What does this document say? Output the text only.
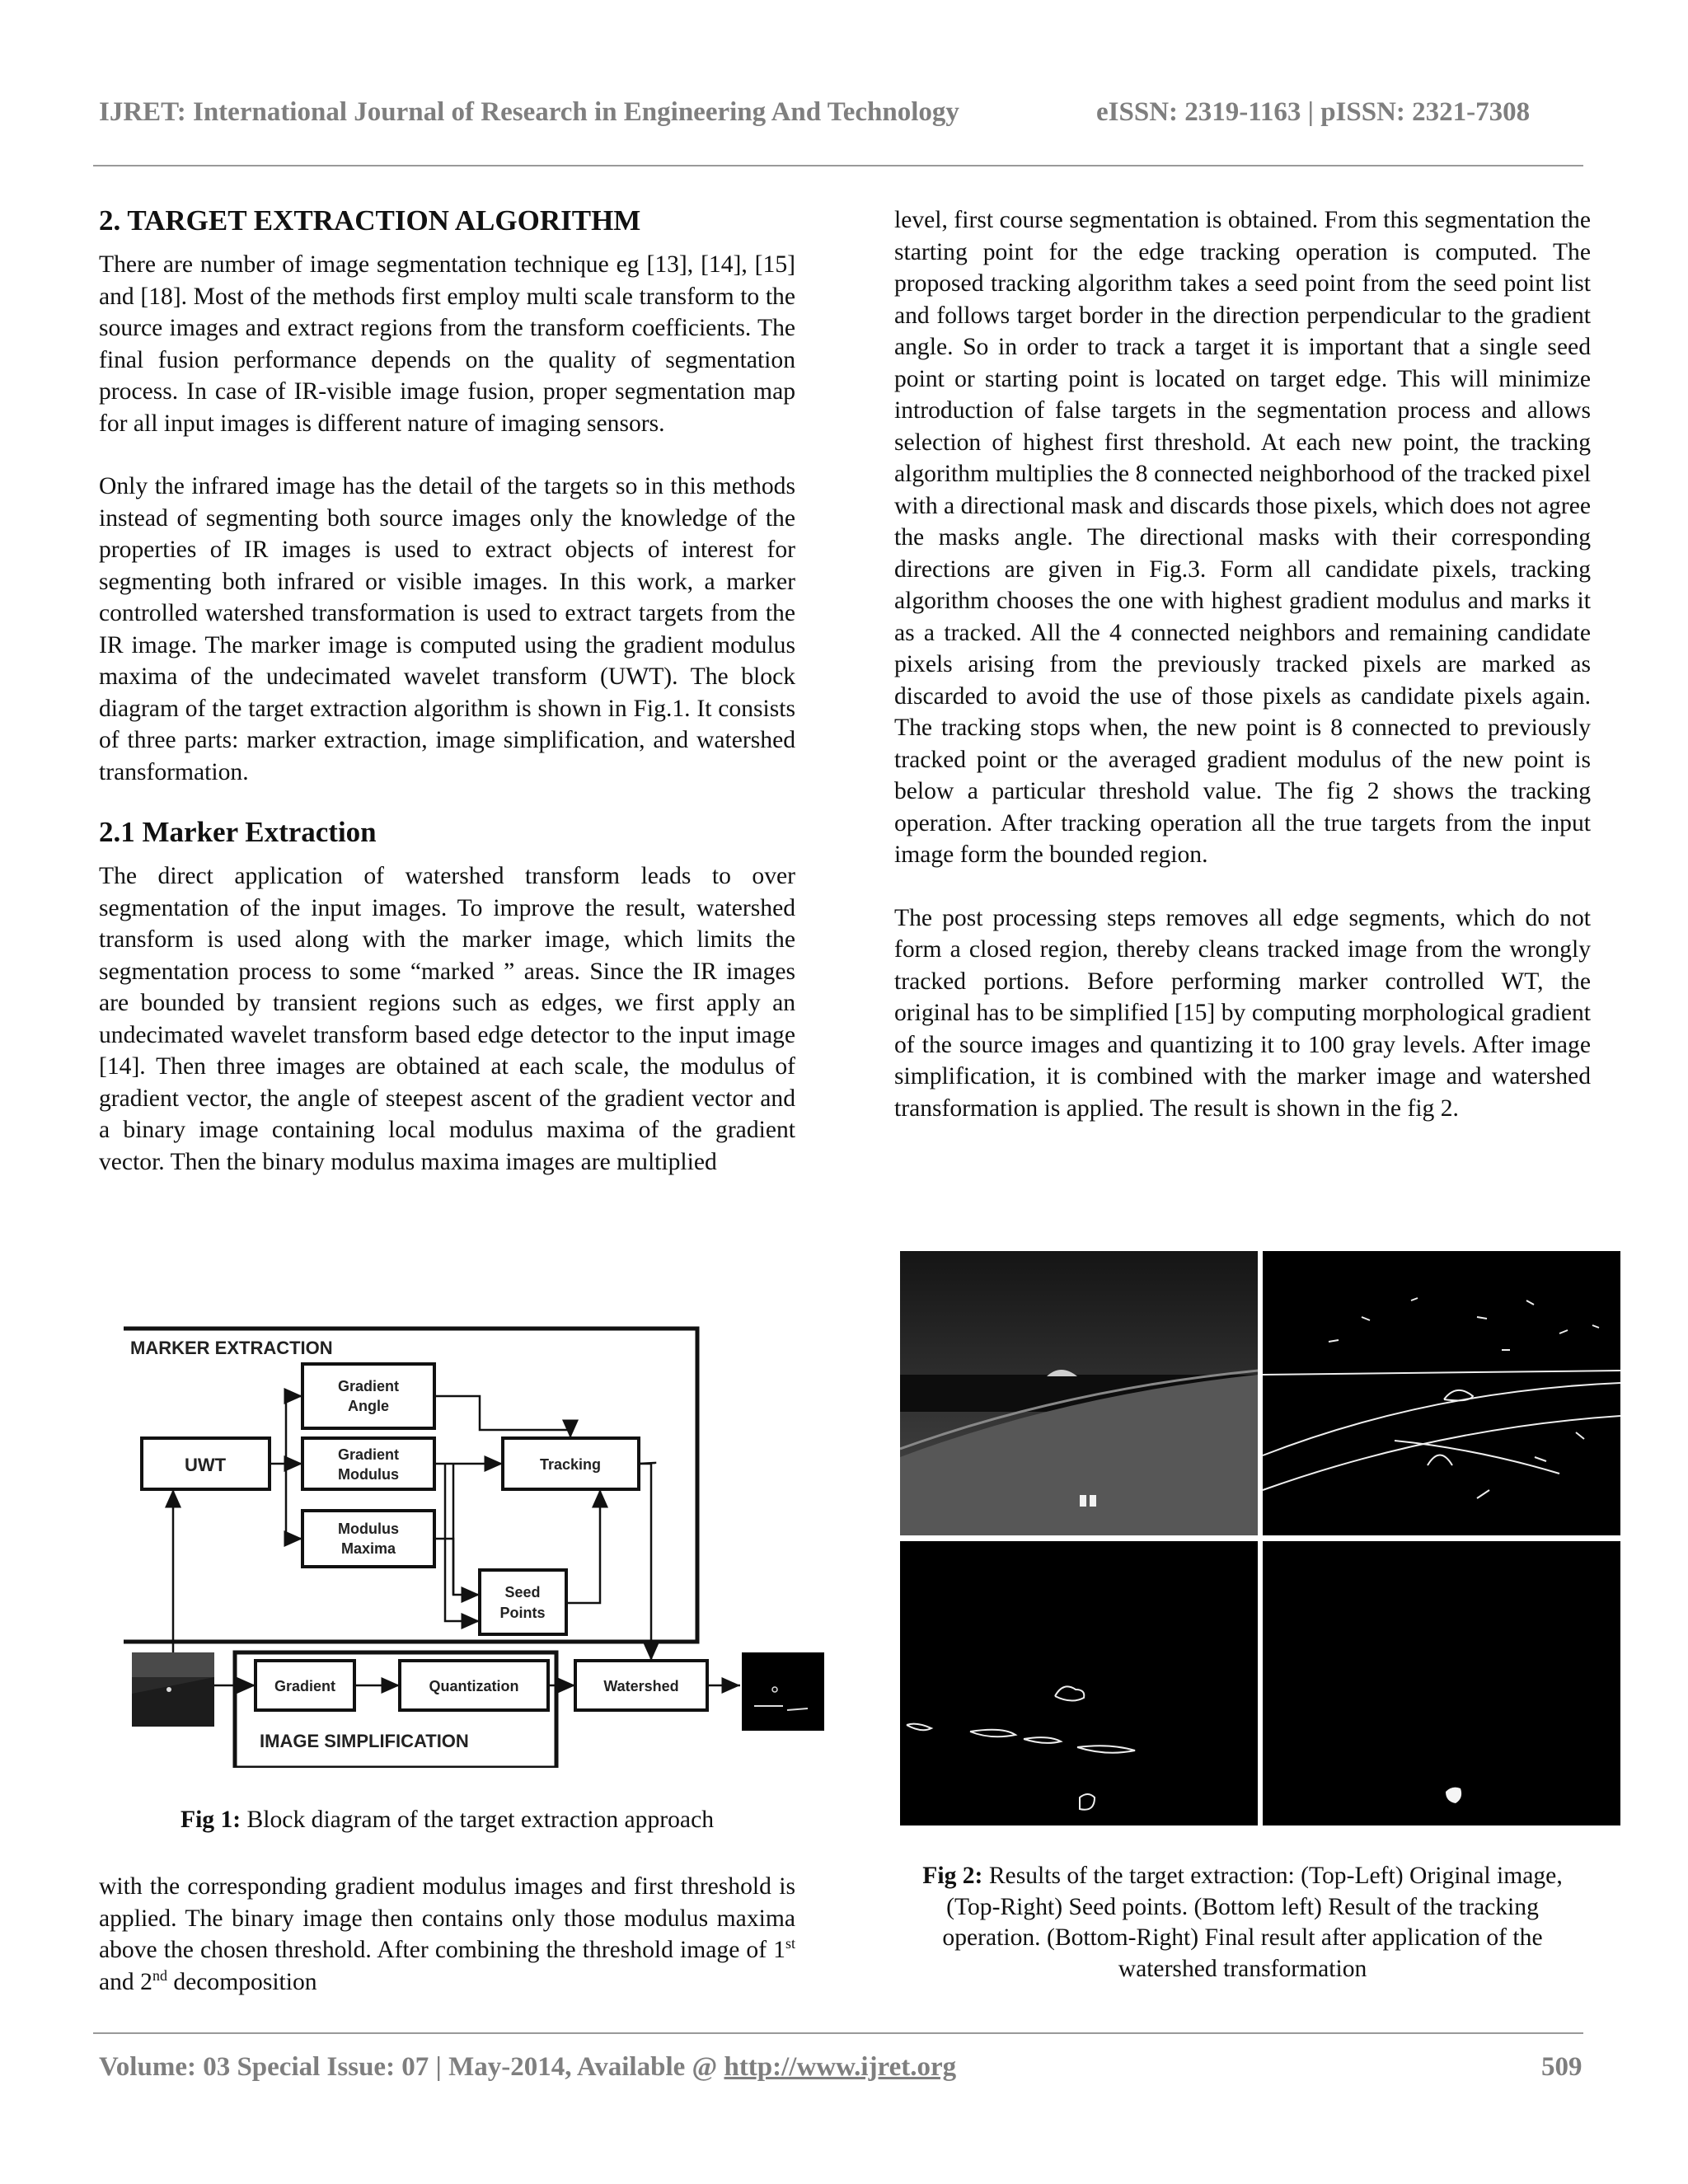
IJRET: International Journal of Research in Engineering And Technology	eISSN: 2319-1163 | pISSN: 2321-7308
2. TARGET EXTRACTION ALGORITHM

There are number of image segmentation technique eg [13], [14], [15] and [18]. Most of the methods first employ multi scale transform to the source images and extract regions from the transform coefficients. The final fusion performance depends on the quality of segmentation process. In case of IR-visible image fusion, proper segmentation map for all input images is different nature of imaging sensors.

Only the infrared image has the detail of the targets so in this methods instead of segmenting both source images only the knowledge of the properties of IR images is used to extract objects of interest for segmenting both infrared or visible images. In this work, a marker controlled watershed transformation is used to extract targets from the IR image. The marker image is computed using the gradient modulus maxima of the undecimated wavelet transform (UWT). The block diagram of the target extraction algorithm is shown in Fig.1. It consists of three parts: marker extraction, image simplification, and watershed transformation.

2.1 Marker Extraction

The direct application of watershed transform leads to over segmentation of the input images. To improve the result, watershed transform is used along with the marker image, which limits the segmentation process to some “marked ” areas. Since the IR images are bounded by transient regions such as edges, we first apply an undecimated wavelet transform based edge detector to the input image [14]. Then three images are obtained at each scale, the modulus of gradient vector, the angle of steepest ascent of the gradient vector and a binary image containing local modulus maxima of the gradient vector. Then the binary modulus maxima images are multiplied

MARKER EXTRACTION
UWT
Gradient
Angle
Gradient
Modulus
Modulus
Maxima
Tracking
Seed
Points
Gradient	Quantization	Watershed
IMAGE SIMPLIFICATION
Fig 1: Block diagram of the target extraction approach

with the corresponding gradient modulus images and first threshold is applied. The binary image then contains only those modulus maxima above the chosen threshold. After combining the threshold image of 1st and 2nd decomposition

level, first course segmentation is obtained. From this segmentation the starting point for the edge tracking operation is computed. The proposed tracking algorithm takes a seed point from the seed point list and follows target border in the direction perpendicular to the gradient angle. So in order to track a target it is important that a single seed point or starting point is located on target edge. This will minimize introduction of false targets in the segmentation process and allows selection of highest first threshold. At each new point, the tracking algorithm multiplies the 8 connected neighborhood of the tracked pixel with a directional mask and discards those pixels, which does not agree the masks angle. The directional masks with their corresponding directions are given in Fig.3. Form all candidate pixels, tracking algorithm chooses the one with highest gradient modulus and marks it as a tracked. All the 4 connected neighbors and remaining candidate pixels arising from the previously tracked pixels are marked as discarded to avoid the use of those pixels as candidate pixels again. The tracking stops when, the new point is 8 connected to previously tracked point or the averaged gradient modulus of the new point is below a particular threshold value. The fig 2 shows the tracking operation. After tracking operation all the true targets from the input image form the bounded region.

The post processing steps removes all edge segments, which do not form a closed region, thereby cleans tracked image from the wrongly tracked portions. Before performing marker controlled WT, the original has to be simplified [15] by computing morphological gradient of the source images and quantizing it to 100 gray levels. After image simplification, it is combined with the marker image and watershed transformation is applied. The result is shown in the fig 2.

Fig 2: Results of the target extraction: (Top-Left) Original image, (Top-Right) Seed points. (Bottom left) Result of the tracking operation. (Bottom-Right) Final result after application of the watershed transformation
Volume: 03 Special Issue: 07 | May-2014, Available @ http://www.ijret.org	509
